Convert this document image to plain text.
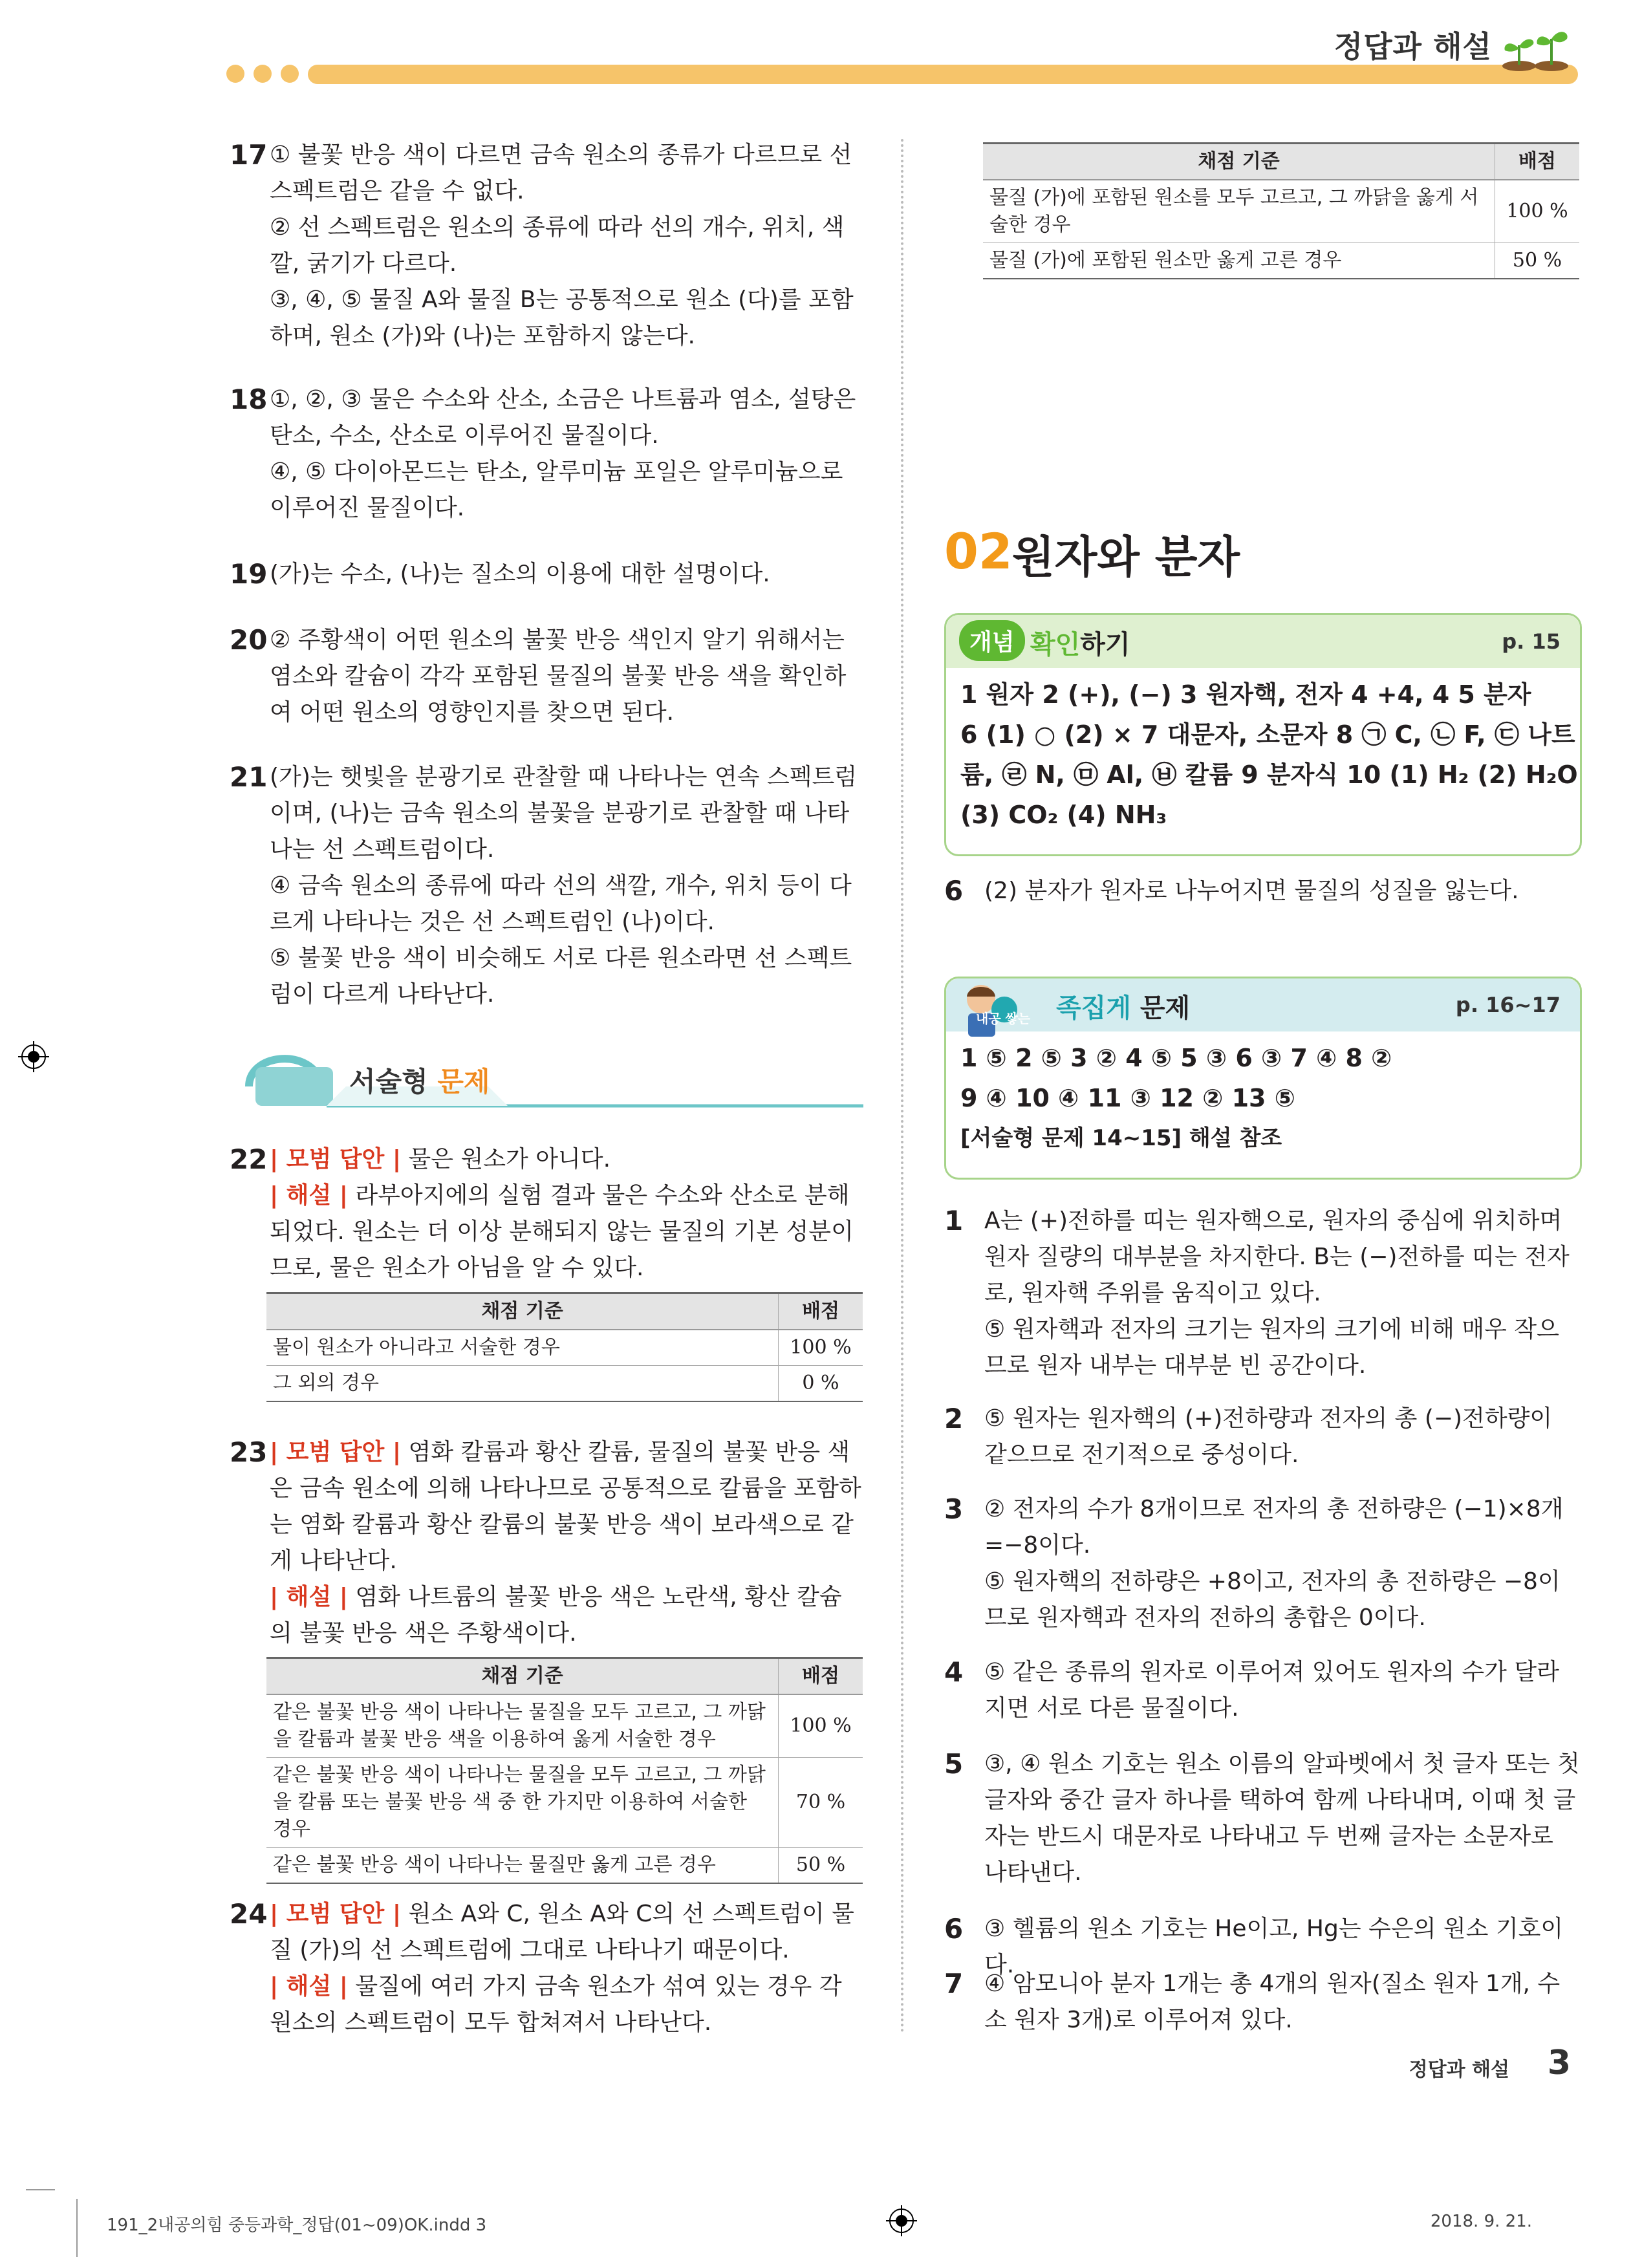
정답과 해설
17 ① 불꽃 반응 색이 다르면 금속 원소의 종류가 다르므로 선 스펙트럼은 같을 수 없다.

② 선 스펙트럼은 원소의 종류에 따라 선의 개수, 위치, 색깔, 굵기가 다르다.

③, ④, ⑤ 물질 A와 물질 B는 공통적으로 원소 (다)를 포함하며, 원소 (가)와 (나)는 포함하지 않는다.

18 ①, ②, ③ 물은 수소와 산소, 소금은 나트륨과 염소, 설탕은 탄소, 수소, 산소로 이루어진 물질이다.

④, ⑤ 다이아몬드는 탄소, 알루미늄 포일은 알루미늄으로 이루어진 물질이다.

19 (가)는 수소, (나)는 질소의 이용에 대한 설명이다.

20 ② 주황색이 어떤 원소의 불꽃 반응 색인지 알기 위해서는 염소와 칼슘이 각각 포함된 물질의 불꽃 반응 색을 확인하여 어떤 원소의 영향인지를 찾으면 된다.

21 (가)는 햇빛을 분광기로 관찰할 때 나타나는 연속 스펙트럼이며, (나)는 금속 원소의 불꽃을 분광기로 관찰할 때 나타나는 선 스펙트럼이다.

④ 금속 원소의 종류에 따라 선의 색깔, 개수, 위치 등이 다르게 나타나는 것은 선 스펙트럼인 (나)이다.

⑤ 불꽃 반응 색이 비슷해도 서로 다른 원소라면 선 스펙트럼이 다르게 나타난다.

서술형 문제
22 | 모범 답안 | 물은 원소가 아니다.

| 해설 | 라부아지에의 실험 결과 물은 수소와 산소로 분해되었다. 원소는 더 이상 분해되지 않는 물질의 기본 성분이므로, 물은 원소가 아님을 알 수 있다.

채점 기준	배점
물이 원소가 아니라고 서술한 경우	100 %
그 외의 경우	0 %
23 | 모범 답안 | 염화 칼륨과 황산 칼륨, 물질의 불꽃 반응 색은 금속 원소에 의해 나타나므로 공통적으로 칼륨을 포함하는 염화 칼륨과 황산 칼륨의 불꽃 반응 색이 보라색으로 같게 나타난다.

| 해설 | 염화 나트륨의 불꽃 반응 색은 노란색, 황산 칼슘의 불꽃 반응 색은 주황색이다.

채점 기준	배점
같은 불꽃 반응 색이 나타나는 물질을 모두 고르고, 그 까닭을 칼륨과 불꽃 반응 색을 이용하여 옳게 서술한 경우	100 %
같은 불꽃 반응 색이 나타나는 물질을 모두 고르고, 그 까닭을 칼륨 또는 불꽃 반응 색 중 한 가지만 이용하여 서술한 경우	70 %
같은 불꽃 반응 색이 나타나는 물질만 옳게 고른 경우	50 %
24 | 모범 답안 | 원소 A와 C, 원소 A와 C의 선 스펙트럼이 물질 (가)의 선 스펙트럼에 그대로 나타나기 때문이다.

| 해설 | 물질에 여러 가지 금속 원소가 섞여 있는 경우 각 원소의 스펙트럼이 모두 합쳐져서 나타난다.

채점 기준	배점
물질 (가)에 포함된 원소를 모두 고르고, 그 까닭을 옳게 서술한 경우	100 %
물질 (가)에 포함된 원소만 옳게 고른 경우	50 %
02 원자와 분자
개념 확인하기	p. 15
1 원자 2 (+), (−) 3 원자핵, 전자 4 +4, 4 5 분자
6 (1) ○ (2) × 7 대문자, 소문자 8 ㉠ C, ㉡ F, ㉢ 나트
륨, ㉣ N, ㉤ Al, ㉥ 칼륨 9 분자식 10 (1) H₂ (2) H₂O
(3) CO₂ (4) NH₃
6 (2) 분자가 원자로 나누어지면 물질의 성질을 잃는다.

내공 쌓는 족집게 문제	p. 16~17
1 ⑤ 2 ⑤ 3 ② 4 ⑤ 5 ③ 6 ③ 7 ④ 8 ②
9 ④ 10 ④ 11 ③ 12 ② 13 ⑤
[서술형 문제 14~15] 해설 참조
1 A는 (+)전하를 띠는 원자핵으로, 원자의 중심에 위치하며 원자 질량의 대부분을 차지한다. B는 (−)전하를 띠는 전자로, 원자핵 주위를 움직이고 있다.

⑤ 원자핵과 전자의 크기는 원자의 크기에 비해 매우 작으므로 원자 내부는 대부분 빈 공간이다.

2 ⑤ 원자는 원자핵의 (+)전하량과 전자의 총 (−)전하량이 같으므로 전기적으로 중성이다.

3 ② 전자의 수가 8개이므로 전자의 총 전하량은 (−1)×8개 =−8이다.

⑤ 원자핵의 전하량은 +8이고, 전자의 총 전하량은 −8이므로 원자핵과 전자의 전하의 총합은 0이다.

4 ⑤ 같은 종류의 원자로 이루어져 있어도 원자의 수가 달라지면 서로 다른 물질이다.

5 ③, ④ 원소 기호는 원소 이름의 알파벳에서 첫 글자 또는 첫 글자와 중간 글자 하나를 택하여 함께 나타내며, 이때 첫 글자는 반드시 대문자로 나타내고 두 번째 글자는 소문자로 나타낸다.

6 ③ 헬륨의 원소 기호는 He이고, Hg는 수은의 원소 기호이다.

7 ④ 암모니아 분자 1개는 총 4개의 원자(질소 원자 1개, 수소 원자 3개)로 이루어져 있다.

정답과 해설 3
191_2내공의힘 중등과학_정답(01~09)OK.indd 3	2018. 9. 21.
